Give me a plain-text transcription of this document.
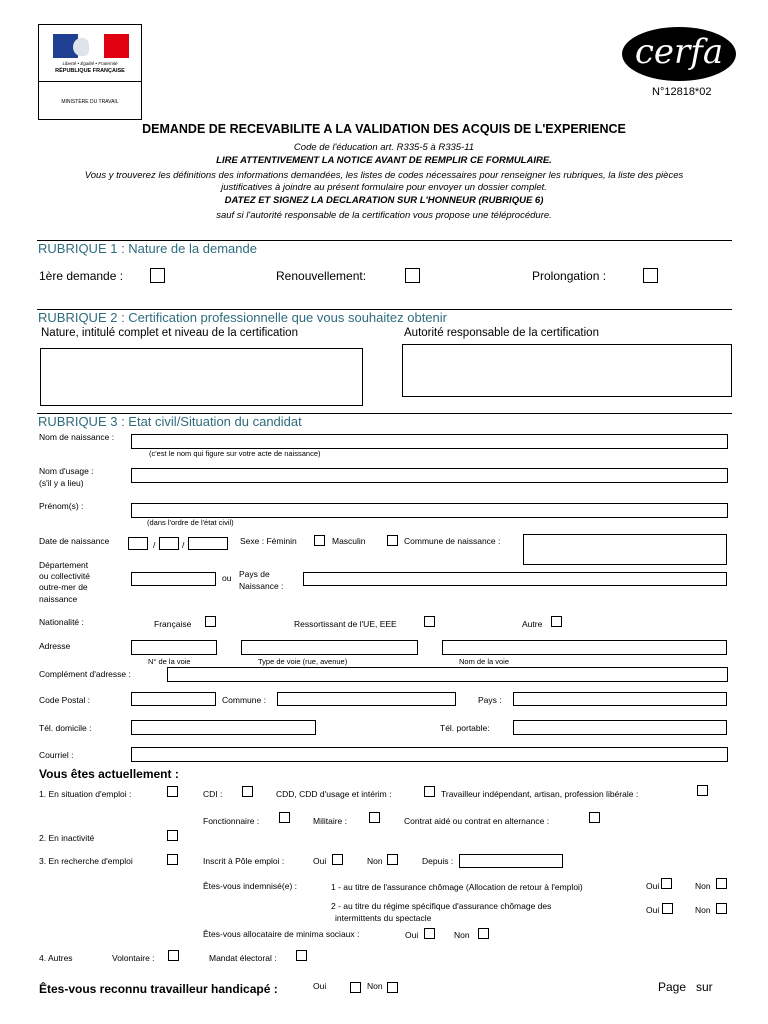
Liberté • Égalité • Fraternité
RÉPUBLIQUE FRANÇAISE
MINISTÈRE DU TRAVAIL
cerfa
N°12818*02
DEMANDE DE RECEVABILITE A LA VALIDATION DES ACQUIS DE L'EXPERIENCE
Code de l'éducation art. R335-5 à R335-11
LIRE ATTENTIVEMENT LA NOTICE AVANT DE REMPLIR CE FORMULAIRE.
Vous y trouverez les définitions des informations demandées, les listes de codes nécessaires pour renseigner les rubriques, la liste des pièces
justificatives à joindre au présent formulaire pour envoyer un dossier complet.
DATEZ ET SIGNEZ LA DECLARATION SUR L'HONNEUR (RUBRIQUE 6)
sauf si l'autorité responsable de la certification vous propose une téléprocédure.
RUBRIQUE 1 : Nature de la demande
1ère demande :	Renouvellement:	Prolongation :
RUBRIQUE 2 : Certification professionnelle que vous souhaitez obtenir
Nature, intitulé complet et niveau de la certification	Autorité responsable de la certification
RUBRIQUE 3 : Etat civil/Situation du candidat
Nom de naissance :
(c'est le nom qui figure sur votre acte de naissance)
Nom d'usage :
(s'il y a lieu)
Prénom(s) :
(dans l'ordre de l'état civil)
Date de naissance	/	/	Sexe : Féminin	Masculin	Commune de naissance :
Département
ou collectivité
outre-mer de
naissance
ou Pays de
Naissance :
Nationalité :	Française	Ressortissant de l'UE, EEE	Autre
Adresse
N° de la voie	Type de voie (rue, avenue)	Nom de la voie
Complément d'adresse :
Code Postal :	Commune :	Pays :
Tél. domicile :	Tél. portable:
Courriel :
Vous êtes actuellement :
1. En situation d'emploi :	CDI :	CDD, CDD d'usage et intérim :	Travailleur indépendant, artisan, profession libérale :
Fonctionnaire :	Militaire :	Contrat aidé ou contrat en alternance :
2. En inactivité
3. En recherche d'emploi	Inscrit à Pôle emploi :	Oui	Non	Depuis :
Êtes-vous indemnisé(e) :	1 - au titre de l'assurance chômage (Allocation de retour à l'emploi)	Oui	Non
2 - au titre du régime spécifique d'assurance chômage des
intermittents du spectacle
Oui	Non
Êtes-vous allocataire de minima sociaux :	Oui	Non
4. Autres	Volontaire :	Mandat électoral :
Êtes-vous reconnu travailleur handicapé :	Oui	Non	Page sur
